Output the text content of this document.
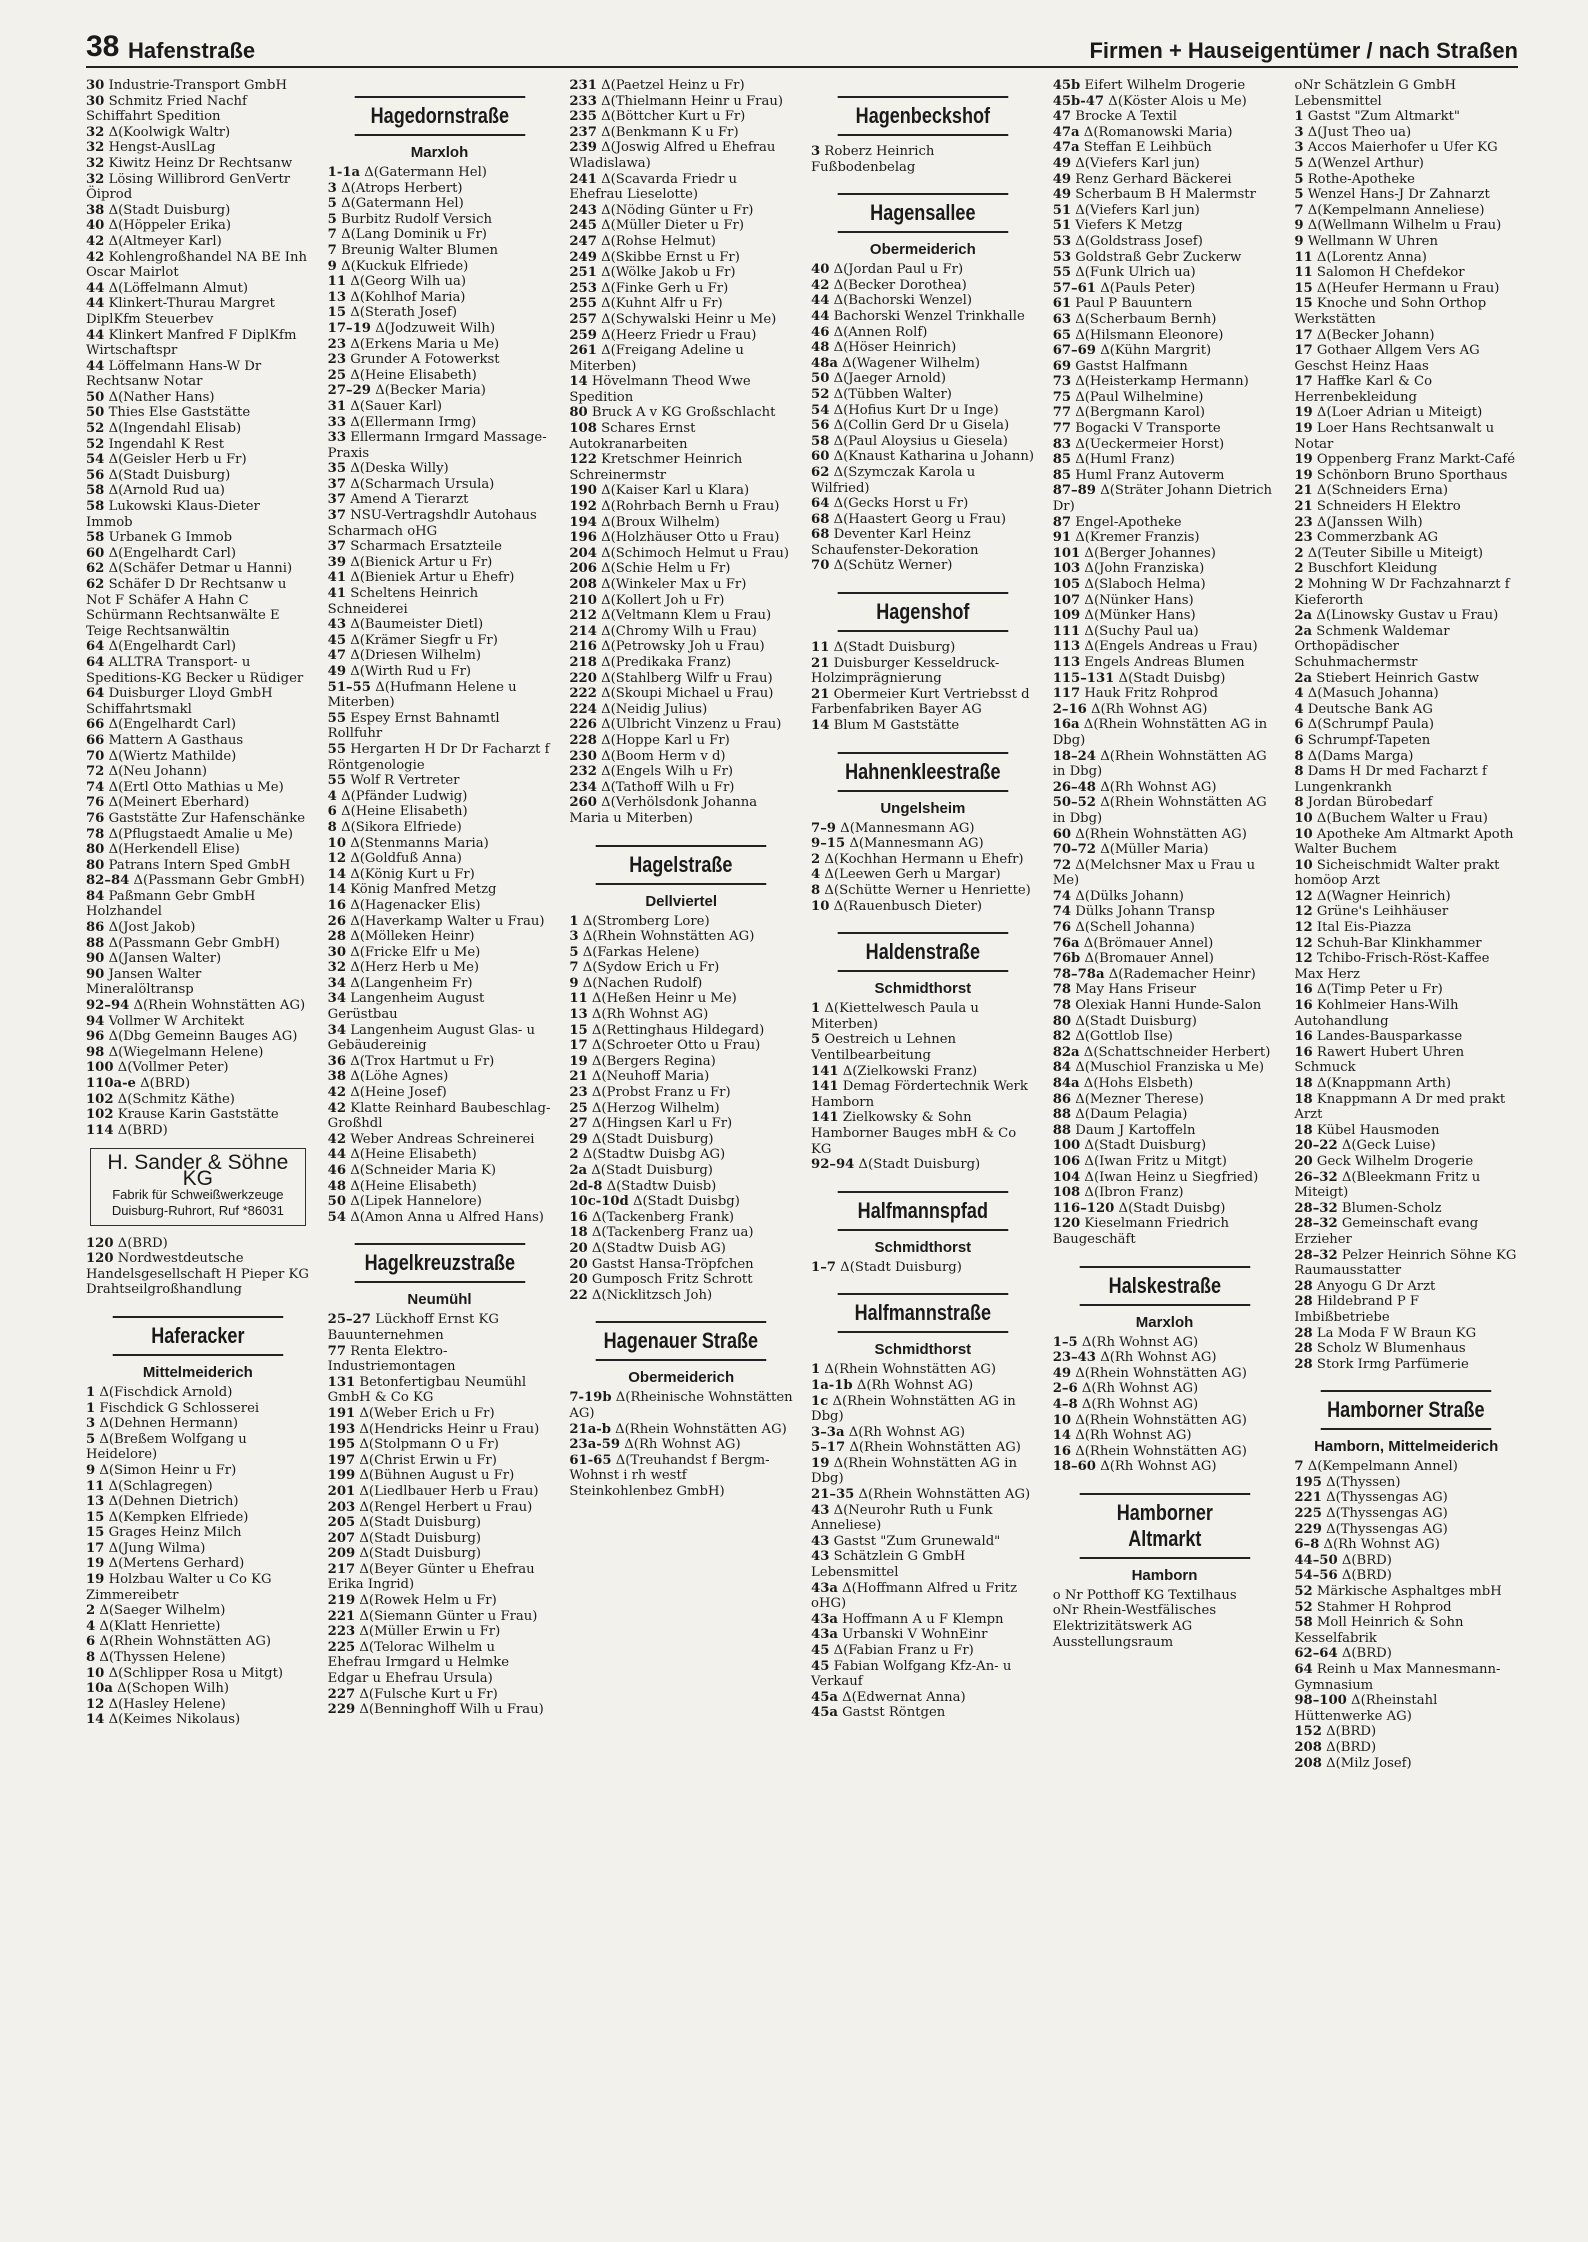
38 Hafenstraße	Firmen + Hauseigentümer / nach Straßen
30 Industrie-Transport GmbH
30 Schmitz Fried Nachf Schiffahrt Spedition
32 Δ(Koolwigk Waltr)
32 Hengst-AuslLag
32 Kiwitz Heinz Dr Rechtsanw
32 Lösing Willibrord GenVertr Öiprod
38 Δ(Stadt Duisburg)
40 Δ(Höppeler Erika)
42 Δ(Altmeyer Karl)
42 Kohlengroßhandel NA BE Inh Oscar Mairlot
44 Δ(Löffelmann Almut)
44 Klinkert-Thurau Margret DiplKfm Steuerbev
44 Klinkert Manfred F DiplKfm Wirtschaftspr
44 Löffelmann Hans-W Dr Rechtsanw Notar
50 Δ(Nather Hans)
50 Thies Else Gaststätte
52 Δ(Ingendahl Elisab)
52 Ingendahl K Rest
54 Δ(Geisler Herb u Fr)
56 Δ(Stadt Duisburg)
58 Δ(Arnold Rud ua)
58 Lukowski Klaus-Dieter Immob
58 Urbanek G Immob
60 Δ(Engelhardt Carl)
62 Δ(Schäfer Detmar u Hanni)
62 Schäfer D Dr Rechtsanw u Not F Schäfer A Hahn C Schürmann Rechtsanwälte E Teige Rechtsanwältin
64 Δ(Engelhardt Carl)
64 ALLTRA Transport- u Speditions-KG Becker u Rüdiger
64 Duisburger Lloyd GmbH Schiffahrtsmakl
66 Δ(Engelhardt Carl)
66 Mattern A Gasthaus
70 Δ(Wiertz Mathilde)
72 Δ(Neu Johann)
74 Δ(Ertl Otto Mathias u Me)
76 Δ(Meinert Eberhard)
76 Gaststätte Zur Hafenschänke
78 Δ(Pflugstaedt Amalie u Me)
80 Δ(Herkendell Elise)
80 Patrans Intern Sped GmbH
82–84 Δ(Passmann Gebr GmbH)
84 Paßmann Gebr GmbH Holzhandel
86 Δ(Jost Jakob)
88 Δ(Passmann Gebr GmbH)
90 Δ(Jansen Walter)
90 Jansen Walter Mineralöltransp
92–94 Δ(Rhein Wohnstätten AG)
94 Vollmer W Architekt
96 Δ(Dbg Gemeinn Bauges AG)
98 Δ(Wiegelmann Helene)
100 Δ(Vollmer Peter)
110a-e Δ(BRD)
102 Δ(Schmitz Käthe)
102 Krause Karin Gaststätte
114 Δ(BRD)
H. Sander & Söhne KG
Fabrik für Schweißwerkzeuge
Duisburg-Ruhrort, Ruf *86031
120 Δ(BRD)
120 Nordwestdeutsche Handelsgesellschaft H Pieper KG Drahtseilgroßhandlung
Haferacker
Mittelmeiderich
1 Δ(Fischdick Arnold)
1 Fischdick G Schlosserei
3 Δ(Dehnen Hermann)
5 Δ(Breßem Wolfgang u Heidelore)
9 Δ(Simon Heinr u Fr)
11 Δ(Schlagregen)
13 Δ(Dehnen Dietrich)
15 Δ(Kempken Elfriede)
15 Grages Heinz Milch
17 Δ(Jung Wilma)
19 Δ(Mertens Gerhard)
19 Holzbau Walter u Co KG Zimmereibetr
2 Δ(Saeger Wilhelm)
4 Δ(Klatt Henriette)
6 Δ(Rhein Wohnstätten AG)
8 Δ(Thyssen Helene)
10 Δ(Schlipper Rosa u Mitgt)
10a Δ(Schopen Wilh)
12 Δ(Hasley Helene)
14 Δ(Keimes Nikolaus)
Hagedornstraße
Marxloh
1-1a Δ(Gatermann Hel)
3 Δ(Atrops Herbert)
5 Δ(Gatermann Hel)
5 Burbitz Rudolf Versich
7 Δ(Lang Dominik u Fr)
7 Breunig Walter Blumen
9 Δ(Kuckuk Elfriede)
11 Δ(Georg Wilh ua)
13 Δ(Kohlhof Maria)
15 Δ(Sterath Josef)
17–19 Δ(Jodzuweit Wilh)
23 Δ(Erkens Maria u Me)
23 Grunder A Fotowerkst
25 Δ(Heine Elisabeth)
27–29 Δ(Becker Maria)
31 Δ(Sauer Karl)
33 Δ(Ellermann Irmg)
33 Ellermann Irmgard Massage-Praxis
35 Δ(Deska Willy)
37 Δ(Scharmach Ursula)
37 Amend A Tierarzt
37 NSU-Vertragshdlr Autohaus Scharmach oHG
37 Scharmach Ersatzteile
39 Δ(Bienick Artur u Fr)
41 Δ(Bieniek Artur u Ehefr)
41 Scheltens Heinrich Schneiderei
43 Δ(Baumeister Dietl)
45 Δ(Krämer Siegfr u Fr)
47 Δ(Driesen Wilhelm)
49 Δ(Wirth Rud u Fr)
51–55 Δ(Hufmann Helene u Miterben)
55 Espey Ernst Bahnamtl Rollfuhr
55 Hergarten H Dr Dr Facharzt f Röntgenologie
55 Wolf R Vertreter
4 Δ(Pfänder Ludwig)
6 Δ(Heine Elisabeth)
8 Δ(Sikora Elfriede)
10 Δ(Stenmanns Maria)
12 Δ(Goldfuß Anna)
14 Δ(König Kurt u Fr)
14 König Manfred Metzg
16 Δ(Hagenacker Elis)
26 Δ(Haverkamp Walter u Frau)
28 Δ(Mölleken Heinr)
30 Δ(Fricke Elfr u Me)
32 Δ(Herz Herb u Me)
34 Δ(Langenheim Fr)
34 Langenheim August Gerüstbau
34 Langenheim August Glas- u Gebäudereinig
36 Δ(Trox Hartmut u Fr)
38 Δ(Löhe Agnes)
42 Δ(Heine Josef)
42 Klatte Reinhard Baubeschlag-Großhdl
42 Weber Andreas Schreinerei
44 Δ(Heine Elisabeth)
46 Δ(Schneider Maria K)
48 Δ(Heine Elisabeth)
50 Δ(Lipek Hannelore)
54 Δ(Amon Anna u Alfred Hans)
Hagelkreuzstraße
Neumühl
25–27 Lückhoff Ernst KG Bauunternehmen
77 Renta Elektro-Industriemontagen
131 Betonfertigbau Neumühl GmbH & Co KG
191 Δ(Weber Erich u Fr)
193 Δ(Hendricks Heinr u Frau)
195 Δ(Stolpmann O u Fr)
197 Δ(Christ Erwin u Fr)
199 Δ(Bühnen August u Fr)
201 Δ(Liedlbauer Herb u Frau)
203 Δ(Rengel Herbert u Frau)
205 Δ(Stadt Duisburg)
207 Δ(Stadt Duisburg)
209 Δ(Stadt Duisburg)
217 Δ(Beyer Günter u Ehefrau Erika Ingrid)
219 Δ(Rowek Helm u Fr)
221 Δ(Siemann Günter u Frau)
223 Δ(Müller Erwin u Fr)
225 Δ(Telorac Wilhelm u Ehefrau Irmgard u Helmke Edgar u Ehefrau Ursula)
227 Δ(Fulsche Kurt u Fr)
229 Δ(Benninghoff Wilh u Frau)
231 Δ(Paetzel Heinz u Fr)
233 Δ(Thielmann Heinr u Frau)
235 Δ(Böttcher Kurt u Fr)
237 Δ(Benkmann K u Fr)
239 Δ(Joswig Alfred u Ehefrau Wladislawa)
241 Δ(Scavarda Friedr u Ehefrau Lieselotte)
243 Δ(Nöding Günter u Fr)
245 Δ(Müller Dieter u Fr)
247 Δ(Rohse Helmut)
249 Δ(Skibbe Ernst u Fr)
251 Δ(Wölke Jakob u Fr)
253 Δ(Finke Gerh u Fr)
255 Δ(Kuhnt Alfr u Fr)
257 Δ(Schywalski Heinr u Me)
259 Δ(Heerz Friedr u Frau)
261 Δ(Freigang Adeline u Miterben)
14 Hövelmann Theod Wwe Spedition
80 Bruck A v KG Großschlacht
108 Schares Ernst Autokranarbeiten
122 Kretschmer Heinrich Schreinermstr
190 Δ(Kaiser Karl u Klara)
192 Δ(Rohrbach Bernh u Frau)
194 Δ(Broux Wilhelm)
196 Δ(Holzhäuser Otto u Frau)
204 Δ(Schimoch Helmut u Frau)
206 Δ(Schie Helm u Fr)
208 Δ(Winkeler Max u Fr)
210 Δ(Kollert Joh u Fr)
212 Δ(Veltmann Klem u Frau)
214 Δ(Chromy Wilh u Frau)
216 Δ(Petrowsky Joh u Frau)
218 Δ(Predikaka Franz)
220 Δ(Stahlberg Wilfr u Frau)
222 Δ(Skoupi Michael u Frau)
224 Δ(Neidig Julius)
226 Δ(Ulbricht Vinzenz u Frau)
228 Δ(Hoppe Karl u Fr)
230 Δ(Boom Herm v d)
232 Δ(Engels Wilh u Fr)
234 Δ(Tathoff Wilh u Fr)
260 Δ(Verhölsdonk Johanna Maria u Miterben)
Hagelstraße
Dellviertel
1 Δ(Stromberg Lore)
3 Δ(Rhein Wohnstätten AG)
5 Δ(Farkas Helene)
7 Δ(Sydow Erich u Fr)
9 Δ(Nachen Rudolf)
11 Δ(Heßen Heinr u Me)
13 Δ(Rh Wohnst AG)
15 Δ(Rettinghaus Hildegard)
17 Δ(Schroeter Otto u Frau)
19 Δ(Bergers Regina)
21 Δ(Neuhoff Maria)
23 Δ(Probst Franz u Fr)
25 Δ(Herzog Wilhelm)
27 Δ(Hingsen Karl u Fr)
29 Δ(Stadt Duisburg)
2 Δ(Stadtw Duisbg AG)
2a Δ(Stadt Duisburg)
2d-8 Δ(Stadtw Duisb)
10c-10d Δ(Stadt Duisbg)
16 Δ(Tackenberg Frank)
18 Δ(Tackenberg Franz ua)
20 Δ(Stadtw Duisb AG)
20 Gastst Hansa-Tröpfchen
20 Gumposch Fritz Schrott
22 Δ(Nicklitzsch Joh)
Hagenauer Straße
Obermeiderich
7-19b Δ(Rheinische Wohnstätten AG)
21a-b Δ(Rhein Wohnstätten AG)
23a-59 Δ(Rh Wohnst AG)
61-65 Δ(Treuhandst f Bergm-Wohnst i rh westf Steinkohlenbez GmbH)
Hagenbeckshof
3 Roberz Heinrich Fußbodenbelag
Hagensallee
Obermeiderich
40 Δ(Jordan Paul u Fr)
42 Δ(Becker Dorothea)
44 Δ(Bachorski Wenzel)
44 Bachorski Wenzel Trinkhalle
46 Δ(Annen Rolf)
48 Δ(Höser Heinrich)
48a Δ(Wagener Wilhelm)
50 Δ(Jaeger Arnold)
52 Δ(Tübben Walter)
54 Δ(Hofius Kurt Dr u Inge)
56 Δ(Collin Gerd Dr u Gisela)
58 Δ(Paul Aloysius u Giesela)
60 Δ(Knaust Katharina u Johann)
62 Δ(Szymczak Karola u Wilfried)
64 Δ(Gecks Horst u Fr)
68 Δ(Haastert Georg u Frau)
68 Deventer Karl Heinz Schaufenster-Dekoration
70 Δ(Schütz Werner)
Hagenshof
11 Δ(Stadt Duisburg)
21 Duisburger Kesseldruck-Holzimprägnierung
21 Obermeier Kurt Vertriebsst d Farbenfabriken Bayer AG
14 Blum M Gaststätte
Hahnenkleestraße
Ungelsheim
7–9 Δ(Mannesmann AG)
9–15 Δ(Mannesmann AG)
2 Δ(Kochhan Hermann u Ehefr)
4 Δ(Leewen Gerh u Margar)
8 Δ(Schütte Werner u Henriette)
10 Δ(Rauenbusch Dieter)
Haldenstraße
Schmidthorst
1 Δ(Kiettelwesch Paula u Miterben)
5 Oestreich u Lehnen Ventilbearbeitung
141 Δ(Zielkowski Franz)
141 Demag Fördertechnik Werk Hamborn
141 Zielkowsky & Sohn Hamborner Bauges mbH & Co KG
92–94 Δ(Stadt Duisburg)
Halfmannspfad
Schmidthorst
1–7 Δ(Stadt Duisburg)
Halfmannstraße
Schmidthorst
1 Δ(Rhein Wohnstätten AG)
1a-1b Δ(Rh Wohnst AG)
1c Δ(Rhein Wohnstätten AG in Dbg)
3–3a Δ(Rh Wohnst AG)
5–17 Δ(Rhein Wohnstätten AG)
19 Δ(Rhein Wohnstätten AG in Dbg)
21–35 Δ(Rhein Wohnstätten AG)
43 Δ(Neurohr Ruth u Funk Anneliese)
43 Gastst "Zum Grunewald"
43 Schätzlein G GmbH Lebensmittel
43a Δ(Hoffmann Alfred u Fritz oHG)
43a Hoffmann A u F Klempn
43a Urbanski V WohnEinr
45 Δ(Fabian Franz u Fr)
45 Fabian Wolfgang Kfz-An- u Verkauf
45a Δ(Edwernat Anna)
45a Gastst Röntgen
45b Eifert Wilhelm Drogerie
45b-47 Δ(Köster Alois u Me)
47 Brocke A Textil
47a Δ(Romanowski Maria)
47a Steffan E Leihbüch
49 Δ(Viefers Karl jun)
49 Renz Gerhard Bäckerei
49 Scherbaum B H Malermstr
51 Δ(Viefers Karl jun)
51 Viefers K Metzg
53 Δ(Goldstrass Josef)
53 Goldstraß Gebr Zuckerw
55 Δ(Funk Ulrich ua)
57–61 Δ(Pauls Peter)
61 Paul P Bauuntern
63 Δ(Scherbaum Bernh)
65 Δ(Hilsmann Eleonore)
67–69 Δ(Kühn Margrit)
69 Gastst Halfmann
73 Δ(Heisterkamp Hermann)
75 Δ(Paul Wilhelmine)
77 Δ(Bergmann Karol)
77 Bogacki V Transporte
83 Δ(Ueckermeier Horst)
85 Δ(Huml Franz)
85 Huml Franz Autoverm
87–89 Δ(Sträter Johann Dietrich Dr)
87 Engel-Apotheke
91 Δ(Kremer Franzis)
101 Δ(Berger Johannes)
103 Δ(John Franziska)
105 Δ(Slaboch Helma)
107 Δ(Nünker Hans)
109 Δ(Münker Hans)
111 Δ(Suchy Paul ua)
113 Δ(Engels Andreas u Frau)
113 Engels Andreas Blumen
115–131 Δ(Stadt Duisbg)
117 Hauk Fritz Rohprod
2–16 Δ(Rh Wohnst AG)
16a Δ(Rhein Wohnstätten AG in Dbg)
18–24 Δ(Rhein Wohnstätten AG in Dbg)
26–48 Δ(Rh Wohnst AG)
50–52 Δ(Rhein Wohnstätten AG in Dbg)
60 Δ(Rhein Wohnstätten AG)
70–72 Δ(Müller Maria)
72 Δ(Melchsner Max u Frau u Me)
74 Δ(Dülks Johann)
74 Dülks Johann Transp
76 Δ(Schell Johanna)
76a Δ(Brömauer Annel)
76b Δ(Bromauer Annel)
78–78a Δ(Rademacher Heinr)
78 May Hans Friseur
78 Olexiak Hanni Hunde-Salon
80 Δ(Stadt Duisburg)
82 Δ(Gottlob Ilse)
82a Δ(Schattschneider Herbert)
84 Δ(Muschiol Franziska u Me)
84a Δ(Hohs Elsbeth)
86 Δ(Mezner Therese)
88 Δ(Daum Pelagia)
88 Daum J Kartoffeln
100 Δ(Stadt Duisburg)
106 Δ(Iwan Fritz u Mitgt)
104 Δ(Iwan Heinz u Siegfried)
108 Δ(Ibron Franz)
116–120 Δ(Stadt Duisbg)
120 Kieselmann Friedrich Baugeschäft
Halskestraße
Marxloh
1–5 Δ(Rh Wohnst AG)
23–43 Δ(Rh Wohnst AG)
49 Δ(Rhein Wohnstätten AG)
2–6 Δ(Rh Wohnst AG)
4–8 Δ(Rh Wohnst AG)
10 Δ(Rhein Wohnstätten AG)
14 Δ(Rh Wohnst AG)
16 Δ(Rhein Wohnstätten AG)
18–60 Δ(Rh Wohnst AG)
Hamborner Altmarkt
Hamborn
o Nr Potthoff KG Textilhaus
oNr Rhein-Westfälisches Elektrizitätswerk AG Ausstellungsraum
oNr Schätzlein G GmbH Lebensmittel
1 Gastst "Zum Altmarkt"
3 Δ(Just Theo ua)
3 Accos Maierhofer u Ufer KG
5 Δ(Wenzel Arthur)
5 Rothe-Apotheke
5 Wenzel Hans-J Dr Zahnarzt
7 Δ(Kempelmann Anneliese)
9 Δ(Wellmann Wilhelm u Frau)
9 Wellmann W Uhren
11 Δ(Lorentz Anna)
11 Salomon H Chefdekor
15 Δ(Heufer Hermann u Frau)
15 Knoche und Sohn Orthop Werkstätten
17 Δ(Becker Johann)
17 Gothaer Allgem Vers AG Geschst Heinz Haas
17 Haffke Karl & Co Herrenbekleidung
19 Δ(Loer Adrian u Miteigt)
19 Loer Hans Rechtsanwalt u Notar
19 Oppenberg Franz Markt-Café
19 Schönborn Bruno Sporthaus
21 Δ(Schneiders Erna)
21 Schneiders H Elektro
23 Δ(Janssen Wilh)
23 Commerzbank AG
2 Δ(Teuter Sibille u Miteigt)
2 Buschfort Kleidung
2 Mohning W Dr Fachzahnarzt f Kieferorth
2a Δ(Linowsky Gustav u Frau)
2a Schmenk Waldemar Orthopädischer Schuhmachermstr
2a Stiebert Heinrich Gastw
4 Δ(Masuch Johanna)
4 Deutsche Bank AG
6 Δ(Schrumpf Paula)
6 Schrumpf-Tapeten
8 Δ(Dams Marga)
8 Dams H Dr med Facharzt f Lungenkrankh
8 Jordan Bürobedarf
10 Δ(Buchem Walter u Frau)
10 Apotheke Am Altmarkt Apoth Walter Buchem
10 Sicheischmidt Walter prakt homöop Arzt
12 Δ(Wagner Heinrich)
12 Grüne's Leihhäuser
12 Ital Eis-Piazza
12 Schuh-Bar Klinkhammer
12 Tchibo-Frisch-Röst-Kaffee Max Herz
16 Δ(Timp Peter u Fr)
16 Kohlmeier Hans-Wilh Autohandlung
16 Landes-Bausparkasse
16 Rawert Hubert Uhren Schmuck
18 Δ(Knappmann Arth)
18 Knappmann A Dr med prakt Arzt
18 Kübel Hausmoden
20–22 Δ(Geck Luise)
20 Geck Wilhelm Drogerie
26–32 Δ(Bleekmann Fritz u Miteigt)
28–32 Blumen-Scholz
28–32 Gemeinschaft evang Erzieher
28–32 Pelzer Heinrich Söhne KG Raumausstatter
28 Anyogu G Dr Arzt
28 Hildebrand P F Imbißbetriebe
28 La Moda F W Braun KG
28 Scholz W Blumenhaus
28 Stork Irmg Parfümerie
Hamborner Straße
Hamborn, Mittelmeiderich
7 Δ(Kempelmann Annel)
195 Δ(Thyssen)
221 Δ(Thyssengas AG)
225 Δ(Thyssengas AG)
229 Δ(Thyssengas AG)
6–8 Δ(Rh Wohnst AG)
44–50 Δ(BRD)
54–56 Δ(BRD)
52 Märkische Asphaltges mbH
52 Stahmer H Rohprod
58 Moll Heinrich & Sohn Kesselfabrik
62–64 Δ(BRD)
64 Reinh u Max Mannesmann-Gymnasium
98–100 Δ(Rheinstahl Hüttenwerke AG)
152 Δ(BRD)
208 Δ(BRD)
208 Δ(Milz Josef)
